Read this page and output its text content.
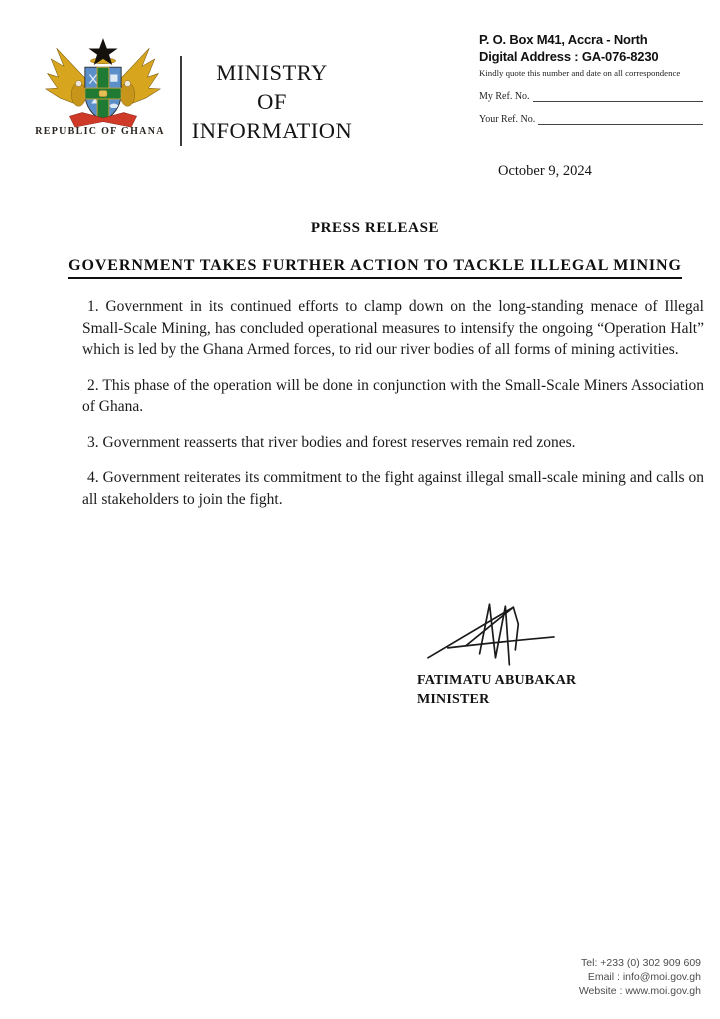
REPUBLIC OF GHANA
MINISTRY
OF
INFORMATION
P. O. Box M41, Accra - North
Digital Address : GA-076-8230
Kindly quote this number and date on all correspondence
My Ref. No.
Your Ref. No.
October 9, 2024
PRESS RELEASE
GOVERNMENT TAKES FURTHER ACTION TO TACKLE ILLEGAL MINING

1. Government in its continued efforts to clamp down on the long-standing menace of Illegal Small-Scale Mining, has concluded operational measures to intensify the ongoing “Operation Halt” which is led by the Ghana Armed forces, to rid our river bodies of all forms of mining activities.

2. This phase of the operation will be done in conjunction with the Small-Scale Miners Association of Ghana.

3. Government reasserts that river bodies and forest reserves remain red zones.

4. Government reiterates its commitment to the fight against illegal small-scale mining and calls on all stakeholders to join the fight.

FATIMATU ABUBAKAR
MINISTER
Tel: +233 (0) 302 909 609
Email : info@moi.gov.gh
Website : www.moi.gov.gh
